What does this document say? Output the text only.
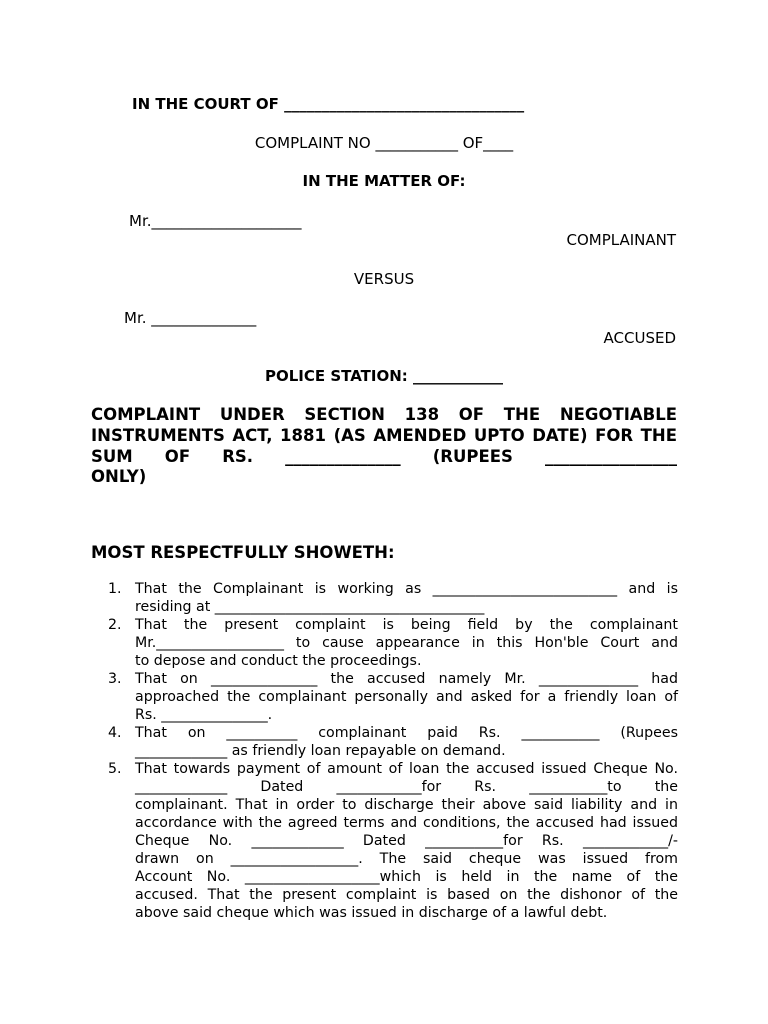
IN THE COURT OF ________________________________
COMPLAINT NO ___________ OF____
IN THE MATTER OF:
Mr.____________________
COMPLAINANT
VERSUS
Mr. ______________
ACCUSED
POLICE STATION: ____________
COMPLAINT UNDER SECTION 138 OF THE NEGOTIABLE
INSTRUMENTS ACT, 1881 (AS AMENDED UPTO DATE) FOR THE
SUM OF RS. ______________ (RUPEES ________________
ONLY)
MOST RESPECTFULLY SHOWETH:
1. That the Complainant is working as __________________________ and is
residing at ______________________________________
2. That the present complaint is being field by the complainant
Mr.__________________ to cause appearance in this Hon'ble Court and
to depose and conduct the proceedings.
3. That on _______________ the accused namely Mr. ______________ had
approached the complainant personally and asked for a friendly loan of
Rs. _______________.
4. That on __________ complainant paid Rs. ___________ (Rupees
_____________ as friendly loan repayable on demand.
5. That towards payment of amount of loan the accused issued Cheque No.
_____________ Dated ____________for Rs. ___________to the
complainant. That in order to discharge their above said liability and in
accordance with the agreed terms and conditions, the accused had issued
Cheque No. _____________ Dated ___________for Rs. ____________/-
drawn on __________________. The said cheque was issued from
Account No. ___________________which is held in the name of the
accused. That the present complaint is based on the dishonor of the
above said cheque which was issued in discharge of a lawful debt.
